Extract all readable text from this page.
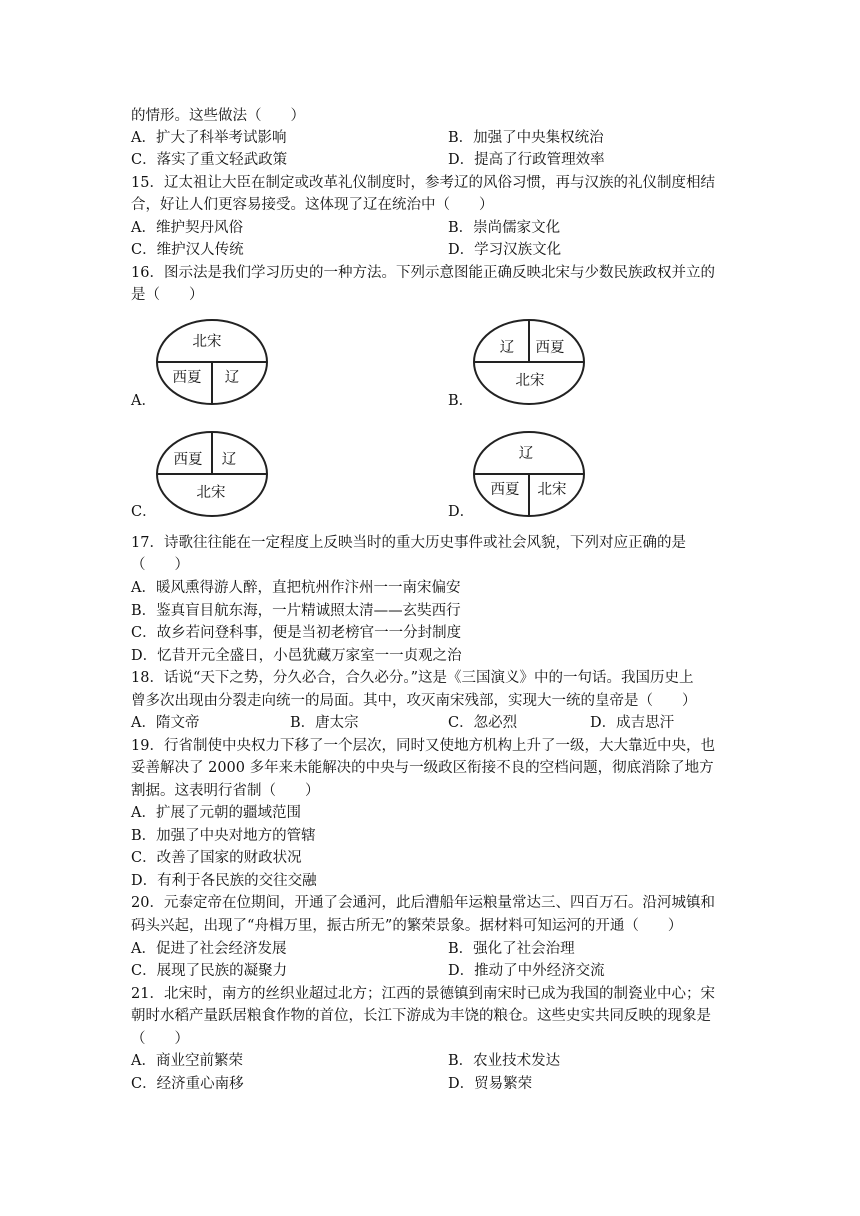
的情形。这些做法（　　）
A．扩大了科举考试影响	B．加强了中央集权统治
C．落实了重文轻武政策	D．提高了行政管理效率
15．辽太祖让大臣在制定或改革礼仪制度时，参考辽的风俗习惯，再与汉族的礼仪制度相结
合，好让人们更容易接受。这体现了辽在统治中（　　）
A．维护契丹风俗	B．崇尚儒家文化
C．维护汉人传统	D．学习汉族文化
16．图示法是我们学习历史的一种方法。下列示意图能正确反映北宋与少数民族政权并立的
是（　　）
A．
北宋
西夏 辽
B．
辽 西夏
北宋
C．
西夏 辽
北宋
D．
辽
西夏 北宋
17．诗歌往往能在一定程度上反映当时的重大历史事件或社会风貌，下列对应正确的是
（　　）
A．暖风熏得游人醉，直把杭州作汴州一一南宋偏安
B．鉴真盲目航东海，一片精诚照太清——玄奘西行
C．故乡若问登科事，便是当初老榜官一一分封制度
D．忆昔开元全盛日，小邑犹藏万家室一一贞观之治
18．话说“天下之势，分久必合，合久必分。”这是《三国演义》中的一句话。我国历史上
曾多次出现由分裂走向统一的局面。其中，攻灭南宋残部，实现大一统的皇帝是（　　）
A．隋文帝	B．唐太宗	C．忽必烈	D．成吉思汗
19．行省制使中央权力下移了一个层次，同时又使地方机构上升了一级，大大靠近中央，也
妥善解决了 2000 多年来未能解决的中央与一级政区衔接不良的空档问题，彻底消除了地方
割据。这表明行省制（　　）
A．扩展了元朝的疆域范围
B．加强了中央对地方的管辖
C．改善了国家的财政状况
D．有利于各民族的交往交融
20．元泰定帝在位期间，开通了会通河，此后漕船年运粮量常达三、四百万石。沿河城镇和
码头兴起，出现了“舟楫万里，振古所无”的繁荣景象。据材料可知运河的开通（　　）
A．促进了社会经济发展	B．强化了社会治理
C．展现了民族的凝聚力	D．推动了中外经济交流
21．北宋时，南方的丝织业超过北方；江西的景德镇到南宋时已成为我国的制瓷业中心；宋
朝时水稻产量跃居粮食作物的首位，长江下游成为丰饶的粮仓。这些史实共同反映的现象是
（　　）
A．商业空前繁荣	B．农业技术发达
C．经济重心南移	D．贸易繁荣
